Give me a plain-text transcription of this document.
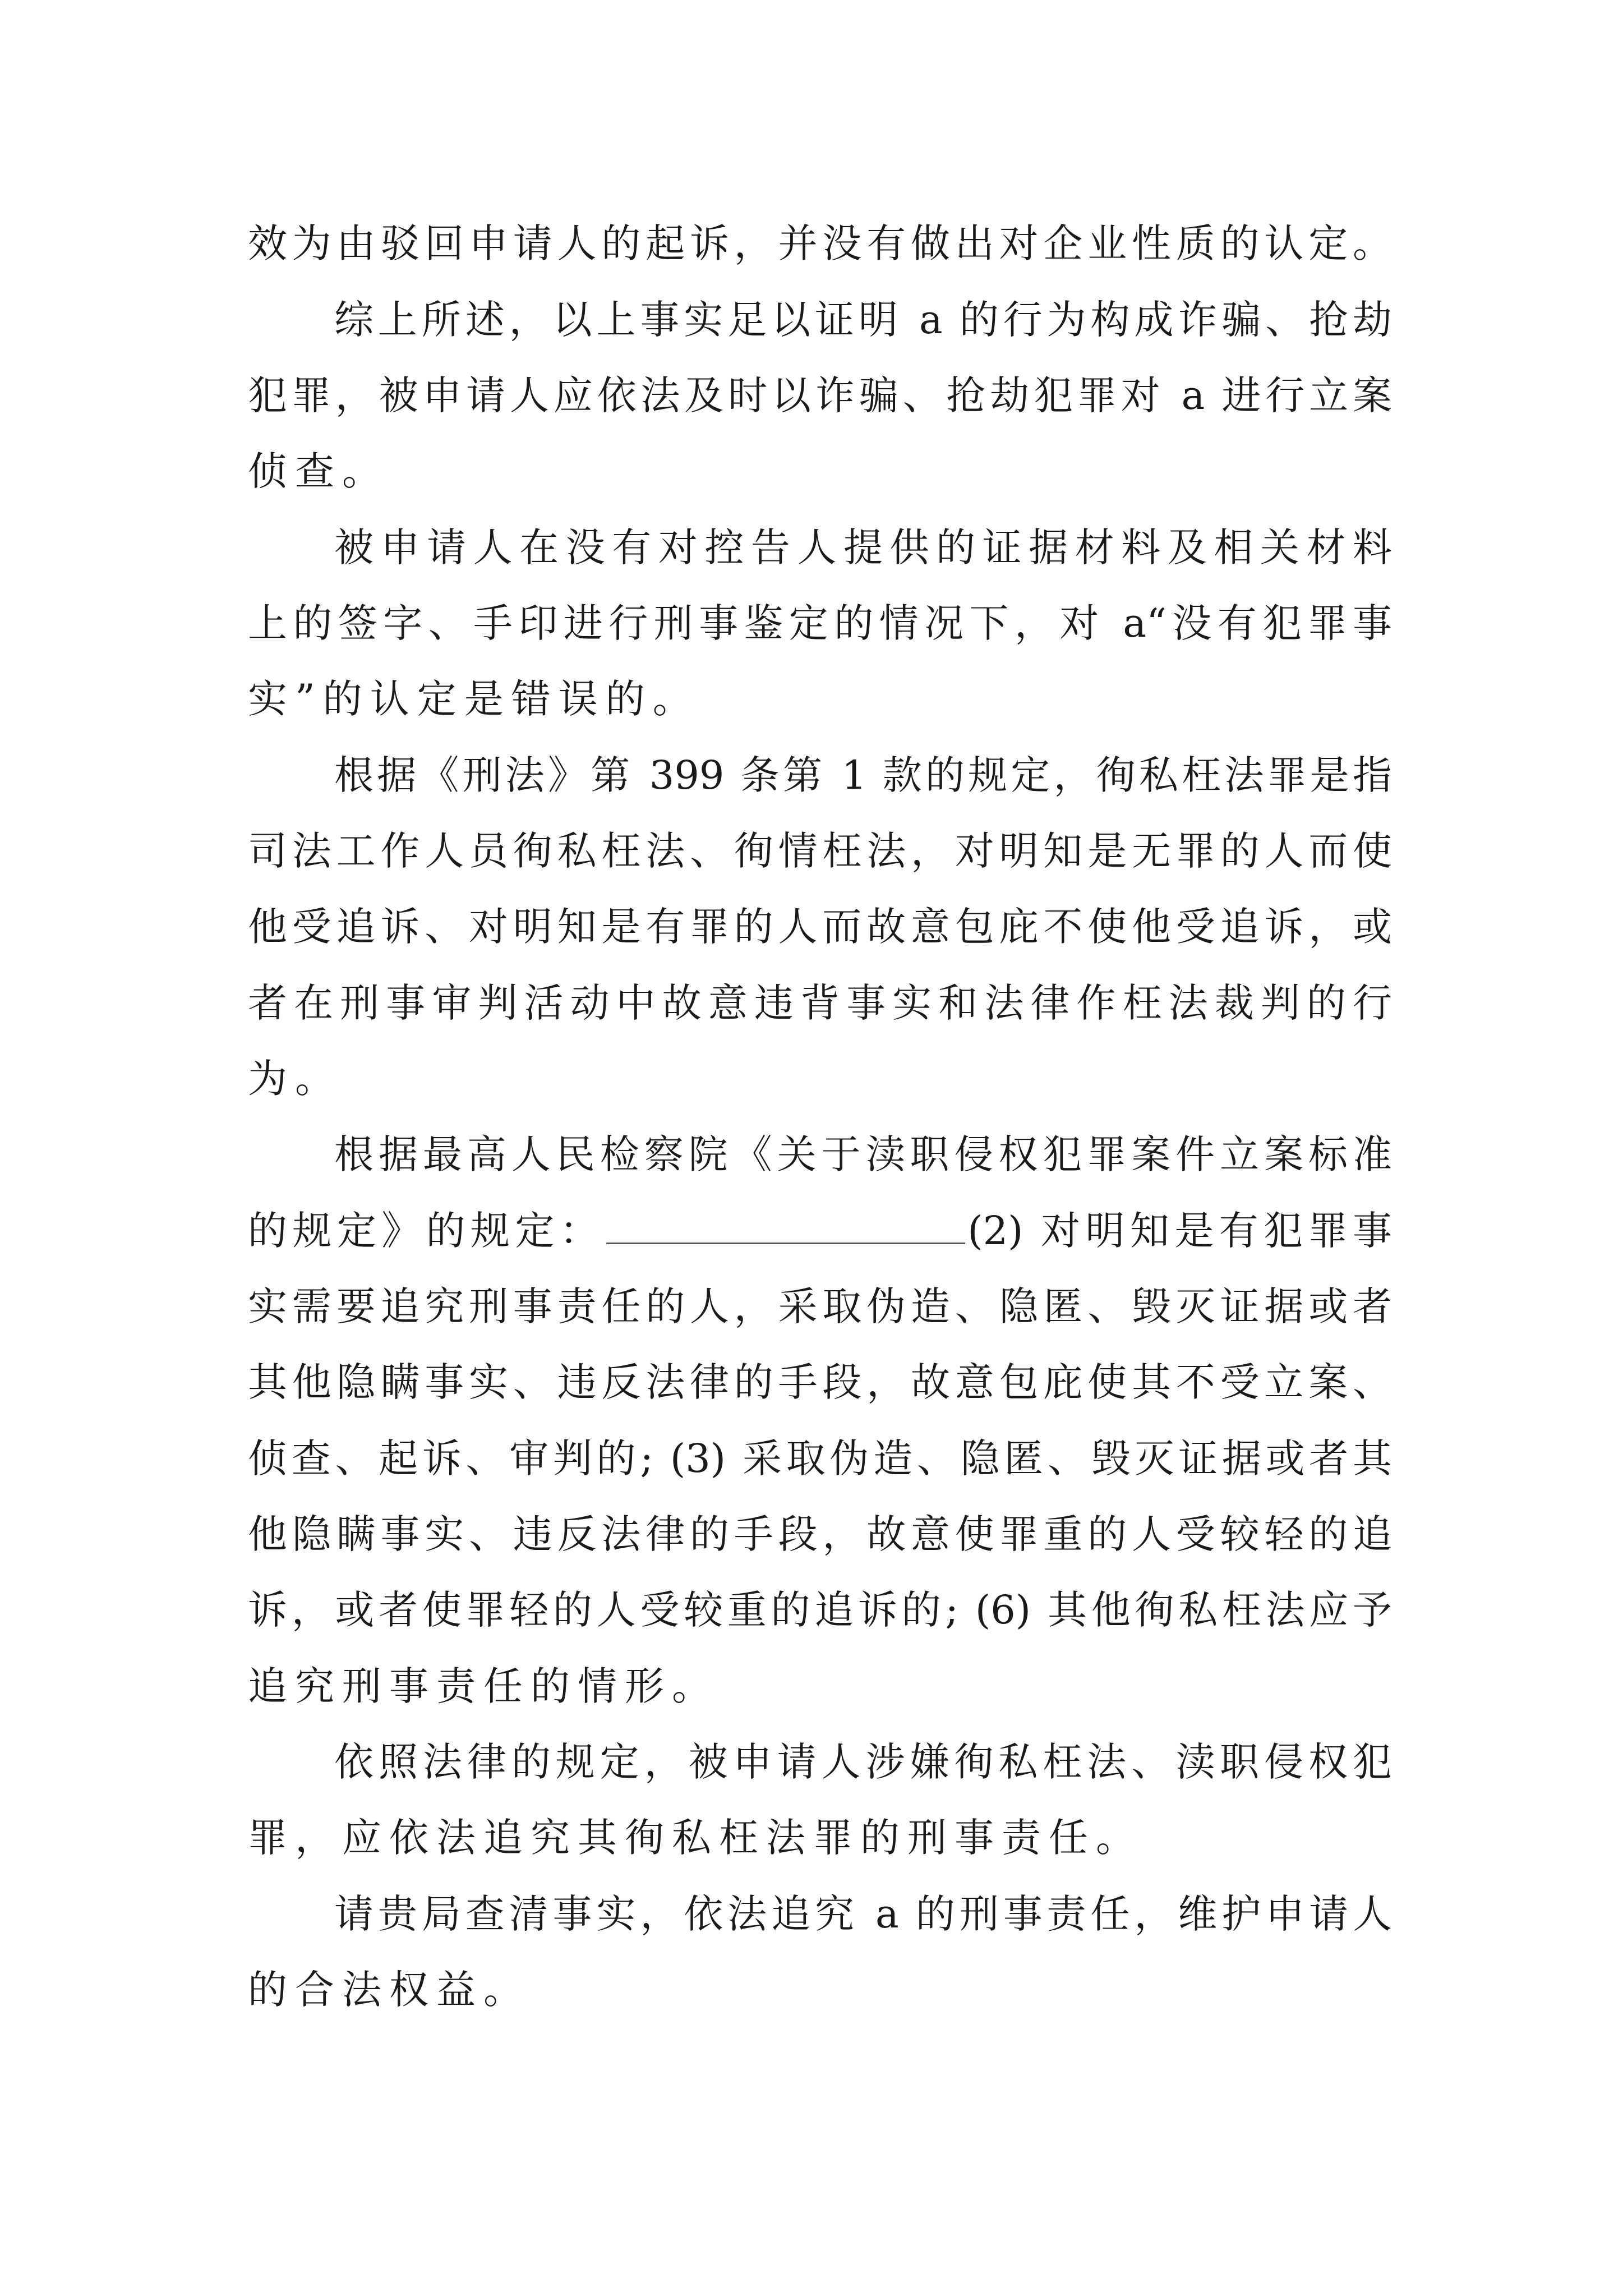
效为由驳回申请人的起诉，并没有做出对企业性质的认定。
综上所述，以上事实足以证明 a 的行为构成诈骗、抢劫
犯罪，被申请人应依法及时以诈骗、抢劫犯罪对 a 进行立案
侦查。
被申请人在没有对控告人提供的证据材料及相关材料
上的签字、手印进行刑事鉴定的情况下，对 a“没有犯罪事
实”的认定是错误的。
根据《刑法》第 399 条第 1 款的规定，徇私枉法罪是指
司法工作人员徇私枉法、徇情枉法，对明知是无罪的人而使
他受追诉、对明知是有罪的人而故意包庇不使他受追诉，或
者在刑事审判活动中故意违背事实和法律作枉法裁判的行
为。
根据最高人民检察院《关于渎职侵权犯罪案件立案标准
的规定》的规定：	(2) 对明知是有犯罪事
实需要追究刑事责任的人，采取伪造、隐匿、毁灭证据或者
其他隐瞒事实、违反法律的手段，故意包庇使其不受立案、
侦查、起诉、审判的; (3) 采取伪造、隐匿、毁灭证据或者其
他隐瞒事实、违反法律的手段，故意使罪重的人受较轻的追
诉，或者使罪轻的人受较重的追诉的; (6) 其他徇私枉法应予
追究刑事责任的情形。
依照法律的规定，被申请人涉嫌徇私枉法、渎职侵权犯
罪，应依法追究其徇私枉法罪的刑事责任。
请贵局查清事实，依法追究 a 的刑事责任，维护申请人
的合法权益。
